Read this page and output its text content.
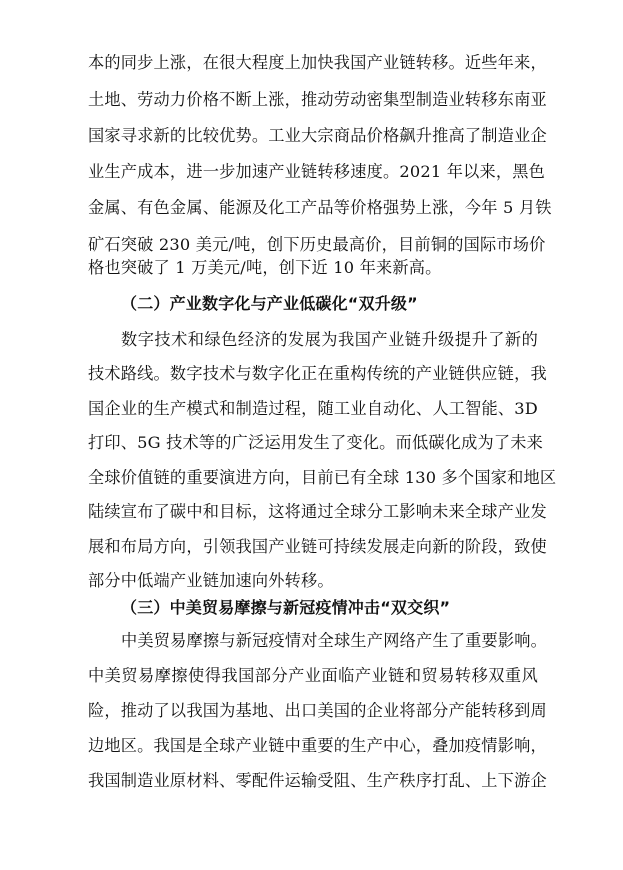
本的同步上涨，在很大程度上加快我国产业链转移。近些年来，
土地、劳动力价格不断上涨，推动劳动密集型制造业转移东南亚
国家寻求新的比较优势。工业大宗商品价格飙升推高了制造业企
业生产成本，进一步加速产业链转移速度。2021 年以来，黑色
金属、有色金属、能源及化工产品等价格强势上涨，今年 5 月铁
矿石突破 230 美元/吨，创下历史最高价，目前铜的国际市场价
格也突破了 1 万美元/吨，创下近 10 年来新高。
（二）产业数字化与产业低碳化“双升级”
数字技术和绿色经济的发展为我国产业链升级提升了新的
技术路线。数字技术与数字化正在重构传统的产业链供应链，我
国企业的生产模式和制造过程，随工业自动化、人工智能、3D
打印、5G 技术等的广泛运用发生了变化。而低碳化成为了未来
全球价值链的重要演进方向，目前已有全球 130 多个国家和地区
陆续宣布了碳中和目标，这将通过全球分工影响未来全球产业发
展和布局方向，引领我国产业链可持续发展走向新的阶段，致使
部分中低端产业链加速向外转移。
（三）中美贸易摩擦与新冠疫情冲击“双交织”
中美贸易摩擦与新冠疫情对全球生产网络产生了重要影响。
中美贸易摩擦使得我国部分产业面临产业链和贸易转移双重风
险，推动了以我国为基地、出口美国的企业将部分产能转移到周
边地区。我国是全球产业链中重要的生产中心，叠加疫情影响，
我国制造业原材料、零配件运输受阻、生产秩序打乱、上下游企
